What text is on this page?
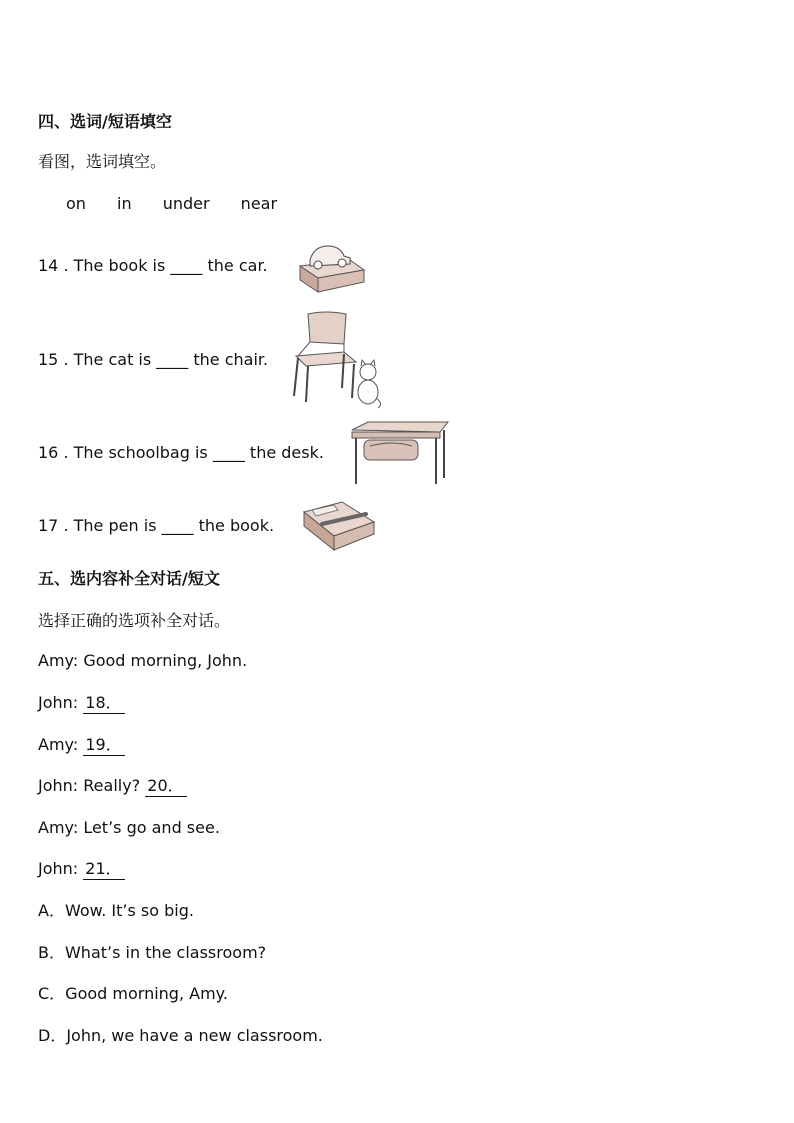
四、选词/短语填空
看图，选词填空。
on in under near
14 . The book is ____ the car.
15 . The cat is ____ the chair.
16 . The schoolbag is ____ the desk.
17 . The pen is ____ the book.
五、选内容补全对话/短文
选择正确的选项补全对话。
Amy: Good morning, John.
John: 18．
Amy: 19．
John: Really? 20．
Amy: Let’s go and see.
John: 21．
A．Wow. It’s so big.
B．What’s in the classroom?
C．Good morning, Amy.
D．John, we have a new classroom.
